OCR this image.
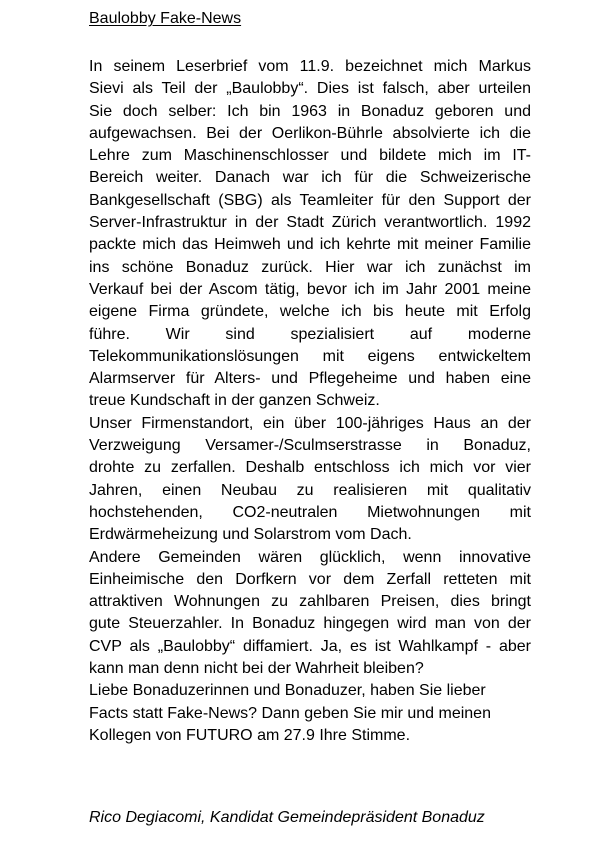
Baulobby Fake-News
In seinem Leserbrief vom 11.9. bezeichnet mich Markus
Sievi als Teil der „Baulobby“. Dies ist falsch, aber urteilen
Sie doch selber: Ich bin 1963 in Bonaduz geboren und
aufgewachsen. Bei der Oerlikon-Bührle absolvierte ich die
Lehre zum Maschinenschlosser und bildete mich im IT-
Bereich weiter. Danach war ich für die Schweizerische
Bankgesellschaft (SBG) als Teamleiter für den Support der
Server-Infrastruktur in der Stadt Zürich verantwortlich. 1992
packte mich das Heimweh und ich kehrte mit meiner Familie
ins schöne Bonaduz zurück. Hier war ich zunächst im
Verkauf bei der Ascom tätig, bevor ich im Jahr 2001 meine
eigene Firma gründete, welche ich bis heute mit Erfolg
führe. Wir sind spezialisiert auf moderne
Telekommunikationslösungen mit eigens entwickeltem
Alarmserver für Alters- und Pflegeheime und haben eine
treue Kundschaft in der ganzen Schweiz.
Unser Firmenstandort, ein über 100-jähriges Haus an der
Verzweigung Versamer-/Sculmserstrasse in Bonaduz,
drohte zu zerfallen. Deshalb entschloss ich mich vor vier
Jahren, einen Neubau zu realisieren mit qualitativ
hochstehenden, CO2-neutralen Mietwohnungen mit
Erdwärmeheizung und Solarstrom vom Dach.
Andere Gemeinden wären glücklich, wenn innovative
Einheimische den Dorfkern vor dem Zerfall retteten mit
attraktiven Wohnungen zu zahlbaren Preisen, dies bringt
gute Steuerzahler. In Bonaduz hingegen wird man von der
CVP als „Baulobby“ diffamiert. Ja, es ist Wahlkampf - aber
kann man denn nicht bei der Wahrheit bleiben?
Liebe Bonaduzerinnen und Bonaduzer, haben Sie lieber
Facts statt Fake-News? Dann geben Sie mir und meinen
Kollegen von FUTURO am 27.9 Ihre Stimme.
Rico Degiacomi, Kandidat Gemeindepräsident Bonaduz
